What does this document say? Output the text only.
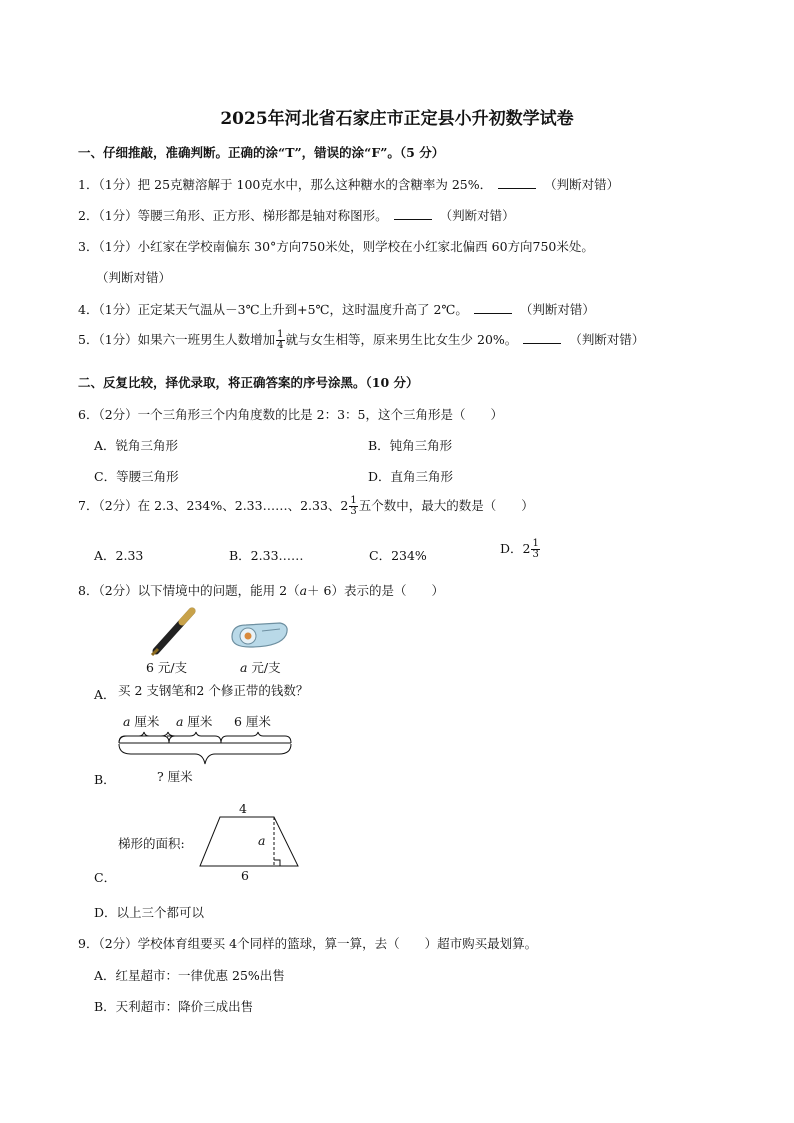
2025年河北省石家庄市正定县小升初数学试卷
一、仔细推敲，准确判断。正确的涂“T”，错误的涂“F”。（5 分）
1．（1分）把 25克糖溶解于 100克水中，那么这种糖水的含糖率为 25%．	（判断对错）
2．（1分）等腰三角形、正方形、梯形都是轴对称图形。	（判断对错）
3．（1分）小红家在学校南偏东 30°方向750米处，则学校在小红家北偏西 60方向750米处。
（判断对错）
4．（1分）正定某天气温从－3℃上升到+5℃，这时温度升高了 2℃。	（判断对错）
5．（1分）如果六一班男生人数增加 $\frac{1}{4}$ 就与女生相等，原来男生比女生少 20%。	（判断对错）
二、反复比较，择优录取，将正确答案的序号涂黑。（10 分）
6．（2分）一个三角形三个内角度数的比是 2：3：5，这个三角形是（　　）
A．锐角三角形	B．钝角三角形
C．等腰三角形	D．直角三角形
7．（2分）在 2.3、234%、2.33……、2.33、$2 \frac{1}{3}$ 五个数中，最大的数是（　　）
A．2.33	B．2.33……	C．234%	D．$2 \frac{1}{3}$
8．（2分）以下情境中的问题，能用 2（a＋ 6）表示的是（　　）
6 元/支	a 元/支
A． 买 2 支钢笔和2 个修正带的钱数？
a 厘米 a 厘米 6 厘米
? 厘米
B．
4
梯形的面积:	a
6
C．
D．以上三个都可以
9．（2分）学校体育组要买 4个同样的篮球，算一算，去（　　）超市购买最划算。
A．红星超市：一律优惠 25%出售
B．天利超市：降价三成出售
